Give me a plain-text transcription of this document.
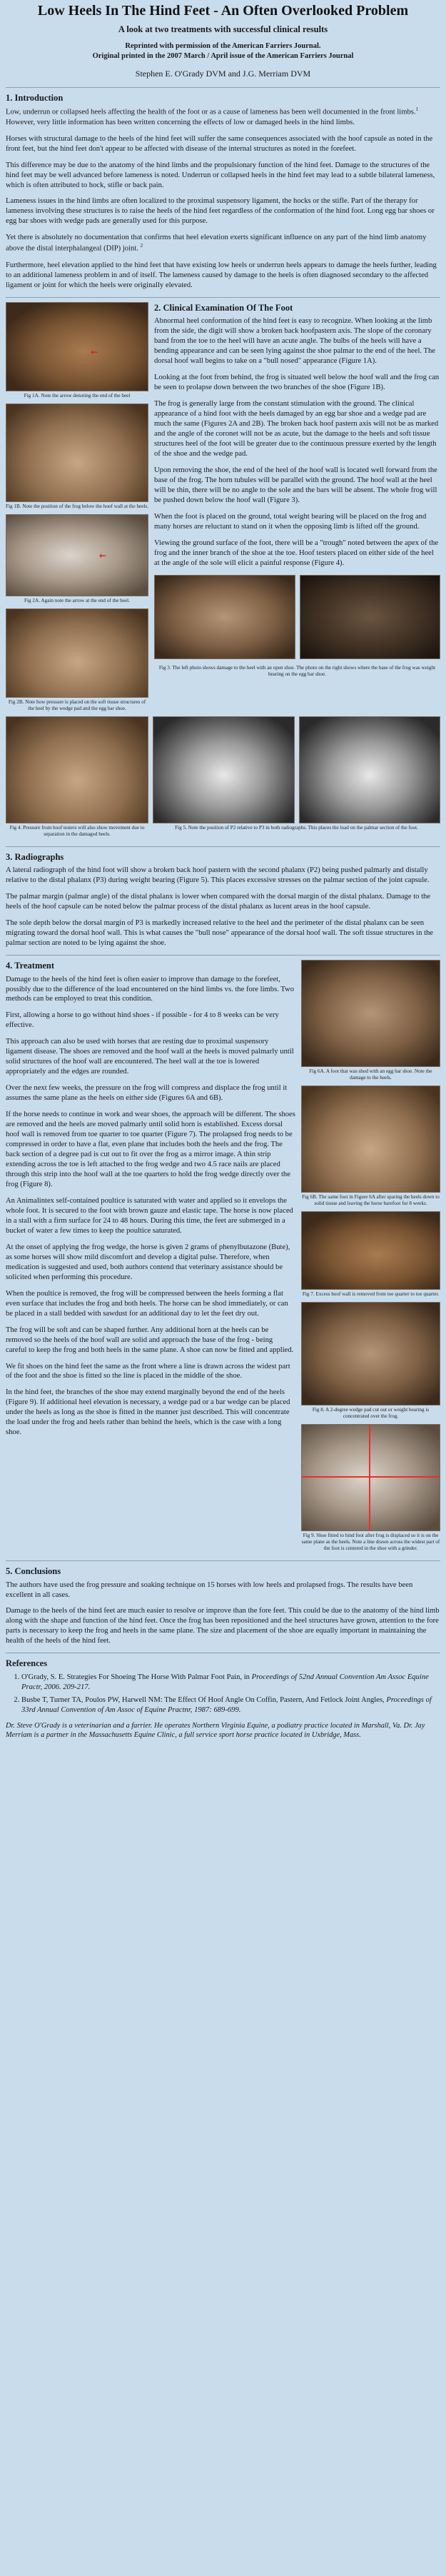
Low Heels In The Hind Feet - An Often Overlooked Problem
A look at two treatments with successful clinical results
Reprinted with permission of the American Farriers Journal.
Original printed in the 2007 March / April issue of the American Farriers Journal
Stephen E. O'Grady DVM and J.G. Merriam DVM
1. Introduction

Low, underrun or collapsed heels affecting the health of the foot or as a cause of lameness has been well documented in the front limbs.$^1$ However, very little information has been written concerning the effects of low or damaged heels in the hind limbs.

Horses with structural damage to the heels of the hind feet will suffer the same consequences associated with the hoof capsule as noted in the front feet, but the hind feet don't appear to be affected with disease of the internal structures as noted in the forefeet.

This difference may be due to the anatomy of the hind limbs and the propulsionary function of the hind feet. Damage to the structures of the hind feet may be well advanced before lameness is noted. Underrun or collapsed heels in the hind feet may lead to a subtle bilateral lameness, which is often attributed to hock, stifle or back pain.

Lameness issues in the hind limbs are often localized to the proximal suspensory ligament, the hocks or the stifle. Part of the therapy for lameness involving these structures is to raise the heels of the hind feet regardless of the conformation of the hind foot. Long egg bar shoes or egg bar shoes with wedge pads are generally used for this purpose.

Yet there is absolutely no documentation that confirms that heel elevation exerts significant influence on any part of the hind limb anatomy above the distal interphalangeal (DIP) joint. $^2$

Furthermore, heel elevation applied to the hind feet that have existing low heels or underrun heels appears to damage the heels further, leading to an additional lameness problem in and of itself. The lameness caused by damage to the heels is often diagnosed secondary to the affected ligament or joint for which the heels were originally elevated.

←
Fig 1A. Note the arrow denoting the end of the heel
Fig 1B. Note the position of the frog below the hoof wall at the heels.
←
Fig 2A. Again note the arrow at the end of the heel.
Fig 2B. Note how pressure is placed on the soft tissue structures of the heel by the wedge pad and the egg bar shoe.
2. Clinical Examination Of The Foot

Abnormal heel conformation of the hind feet is easy to recognize. When looking at the limb from the side, the digit will show a broken back hoofpastern axis. The slope of the coronary band from the toe to the heel will have an acute angle. The bulbs of the heels will have a bending appearance and can be seen lying against the shoe palmar to the end of the heel. The dorsal hoof wall begins to take on a "bull nosed" appearance (Figure 1A).

Looking at the foot from behind, the frog is situated well below the hoof wall and the frog can be seen to prolapse down between the two branches of the shoe (Figure 1B).

The frog is generally large from the constant stimulation with the ground. The clinical appearance of a hind foot with the heels damaged by an egg bar shoe and a wedge pad are much the same (Figures 2A and 2B). The broken back hoof pastern axis will not be as marked and the angle of the coronet will not be as acute, but the damage to the heels and soft tissue structures heel of the foot will be greater due to the continuous pressure exerted by the length of the shoe and the wedge pad.

Upon removing the shoe, the end of the heel of the hoof wall is located well forward from the base of the frog. The horn tubules will be parallel with the ground. The hoof wall at the heel will be thin, there will be no angle to the sole and the bars will be absent. The whole frog will be pushed down below the hoof wall (Figure 3).

When the foot is placed on the ground, total weight bearing will be placed on the frog and many horses are reluctant to stand on it when the opposing limb is lifted off the ground.

Viewing the ground surface of the foot, there will be a "trough" noted between the apex of the frog and the inner branch of the shoe at the toe. Hoof testers placed on either side of the heel at the angle of the sole will elicit a painful response (Figure 4).

Fig 3. The left photo shows damage to the heel with an open shoe. The photo on the right shows where the base of the frog was weight bearing on the egg bar shoe.
Fig 4. Pressure from hoof testers will also show movement due to separation in the damaged heels.
Fig 5. Note the position of P2 relative to P3 in both radiographs. This places the load on the palmar section of the foot.
3. Radiographs

A lateral radiograph of the hind foot will show a broken back hoof pastern with the second phalanx (P2) being pushed palmarly and distally relative to the distal phalanx (P3) during weight bearing (Figure 5). This places excessive stresses on the palmar section of the joint capsule.

The palmar margin (palmar angle) of the distal phalanx is lower when compared with the dorsal margin of the distal phalanx. Damage to the heels of the hoof capsule can be noted below the palmar process of the distal phalanx as lucent areas in the hoof capsule.

The sole depth below the dorsal margin of P3 is markedly increased relative to the heel and the perimeter of the distal phalanx can be seen migrating toward the dorsal hoof wall. This is what causes the "bull nose" appearance of the dorsal hoof wall. The soft tissue structures in the palmar section are noted to be lying against the shoe.

Fig 6A. A foot that was shod with an egg bar shoe. Note the damage to the heels.
Fig 6B. The same foot in Figure 6A after sparing the heels down to solid tissue and leaving the horse barefoot for 8 weeks.
Fig 7. Excess hoof wall is removed from toe quarter to toe quarter.
Fig 8. A 2-degree wedge pad cut out or weight bearing is concentrated over the frog.
Fig 9. Shoe fitted to hind foot after frog is displaced so it is on the same plane as the heels. Note a line drawn across the widest part of the foot is centered in the shoe with a grinder.
4. Treatment

Damage to the heels of the hind feet is often easier to improve than damage to the forefeet, possibly due to the difference of the load encountered on the hind limbs vs. the fore limbs. Two methods can be employed to treat this condition.

First, allowing a horse to go without hind shoes - if possible - for 4 to 8 weeks can be very effective.

This approach can also be used with horses that are resting due to proximal suspensory ligament disease. The shoes are removed and the hoof wall at the heels is moved palmarly until solid structures of the hoof wall are encountered. The heel wall at the toe is lowered appropriately and the edges are rounded.

Over the next few weeks, the pressure on the frog will compress and displace the frog until it assumes the same plane as the heels on either side (Figures 6A and 6B).

If the horse needs to continue in work and wear shoes, the approach will be different. The shoes are removed and the heels are moved palmarly until solid horn is established. Excess dorsal hoof wall is removed from toe quarter to toe quarter (Figure 7). The prolapsed frog needs to be compressed in order to have a flat, even plane that includes both the heels and the frog. The back section of a degree pad is cut out to fit over the frog as a mirror image. A thin strip extending across the toe is left attached to the frog wedge and two 4.5 race nails are placed through this strip into the hoof wall at the toe quarters to hold the frog wedge directly over the frog (Figure 8).

An Animalintex self-contained poultice is saturated with water and applied so it envelops the whole foot. It is secured to the foot with brown gauze and elastic tape. The horse is now placed in a stall with a firm surface for 24 to 48 hours. During this time, the feet are submerged in a bucket of water a few times to keep the poultice saturated.

At the onset of applying the frog wedge, the horse is given 2 grams of phenylbutazone (Bute), as some horses will show mild discomfort and develop a digital pulse. Therefore, when medication is suggested and used, both authors contend that veterinary assistance should be solicited when performing this procedure.

When the poultice is removed, the frog will be compressed between the heels forming a flat even surface that includes the frog and both heels. The horse can be shod immediately, or can be placed in a stall bedded with sawdust for an additional day to let the feet dry out.

The frog will be soft and can be shaped further. Any additional horn at the heels can be removed so the heels of the hoof wall are solid and approach the base of the frog - being careful to keep the frog and both heels in the same plane. A shoe can now be fitted and applied.

We fit shoes on the hind feet the same as the front where a line is drawn across the widest part of the foot and the shoe is fitted so the line is placed in the middle of the shoe.

In the hind feet, the branches of the shoe may extend marginally beyond the end of the heels (Figure 9). If additional heel elevation is necessary, a wedge pad or a bar wedge can be placed under the heels as long as the shoe is fitted in the manner just described. This will concentrate the load under the frog and heels rather than behind the heels, which is the case with a long shoe.

5. Conclusions

The authors have used the frog pressure and soaking technique on 15 horses with low heels and prolapsed frogs. The results have been excellent in all cases.

Damage to the heels of the hind feet are much easier to resolve or improve than the fore feet. This could be due to the anatomy of the hind limb along with the shape and function of the hind feet. Once the frog has been repositioned and the heel structures have grown, attention to the fore parts is necessary to keep the frog and heels in the same plane. The size and placement of the shoe are equally important in maintaining the health of the heels of the hind feet.

References
1. O'Grady, S. E. Strategies For Shoeing The Horse With Palmar Foot Pain, in Proceedings of 52nd Annual Convention Am Assoc Equine Practr, 2006. 209-217.
2. Busbe T, Turner TA, Poulos PW, Harwell NM: The Effect Of Hoof Angle On Coffin, Pastern, And Fetlock Joint Angles, Proceedings of 33rd Annual Convention of Am Assoc of Equine Practnr, 1987: 689-699.
Dr. Steve O'Grady is a veterinarian and a farrier. He operates Northern Virginia Equine, a podiatry practice located in Marshall, Va. Dr. Jay Merriam is a partner in the Massachusetts Equine Clinic, a full service sport horse practice located in Uxbridge, Mass.
